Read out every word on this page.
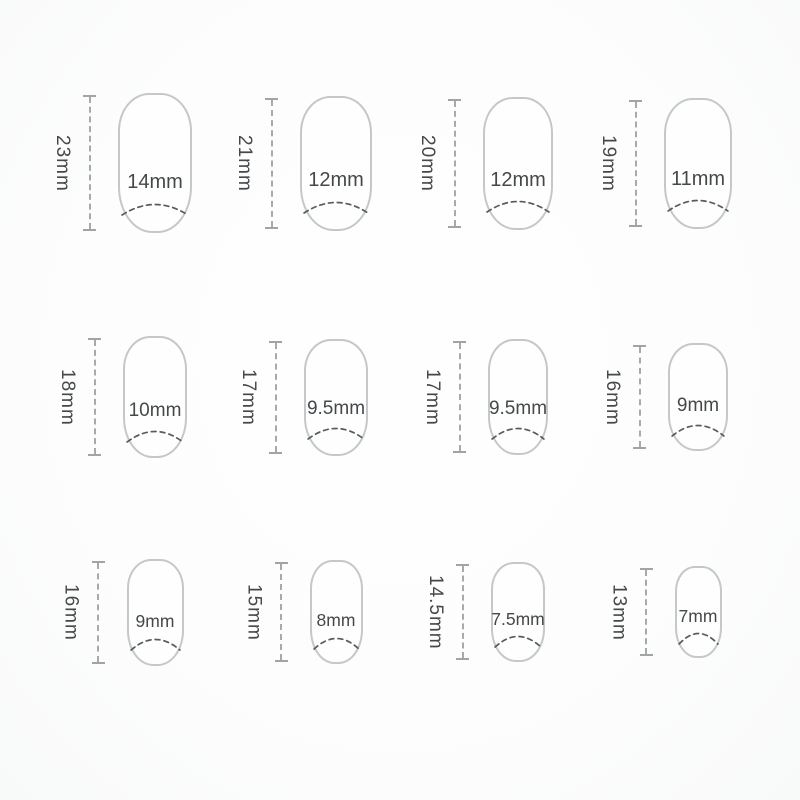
23mm	14mm	21mm	12mm	20mm	12mm	19mm	11mm
18mm	10mm	17mm	9.5mm	17mm 9.5mm	16mm	9mm
16mm	9mm	15mm	8mm	14.5mm	7.5mm	13mm	7mm
